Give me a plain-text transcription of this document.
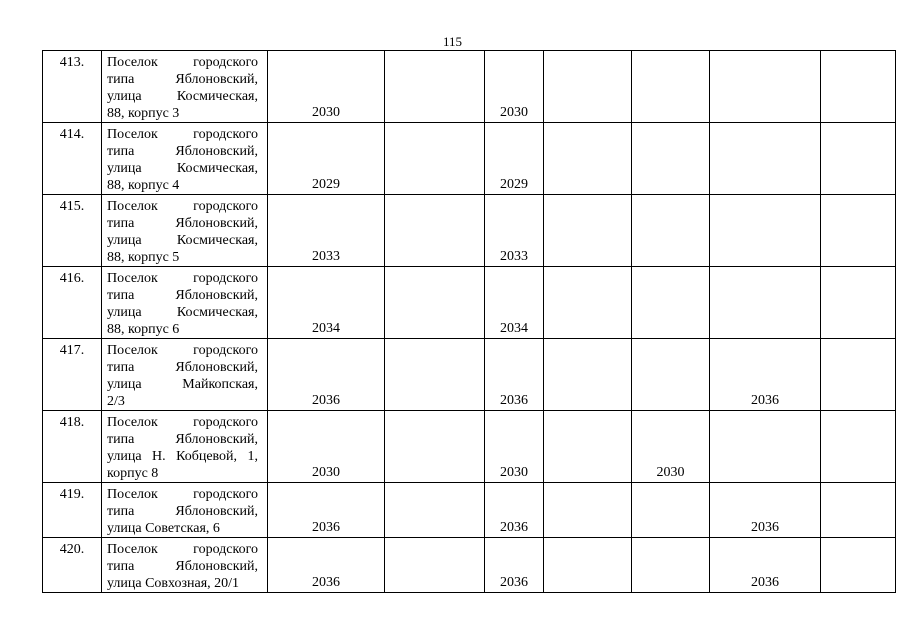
115
413.	Поселок городского
типа Яблоновский,
улица Космическая,
88, корпус 3	2030		2030				
414.	Поселок городского
типа Яблоновский,
улица Космическая,
88, корпус 4	2029		2029				
415.	Поселок городского
типа Яблоновский,
улица Космическая,
88, корпус 5	2033		2033				
416.	Поселок городского
типа Яблоновский,
улица Космическая,
88, корпус 6	2034		2034				
417.	Поселок городского
типа Яблоновский,
улица Майкопская,
2/3	2036		2036			2036	
418.	Поселок городского
типа Яблоновский,
улица Н. Кобцевой, 1,
корпус 8	2030		2030		2030		
419.	Поселок городского
типа Яблоновский,
улица Советская, 6	2036		2036			2036	
420.	Поселок городского
типа Яблоновский,
улица Совхозная, 20/1	2036		2036			2036	
